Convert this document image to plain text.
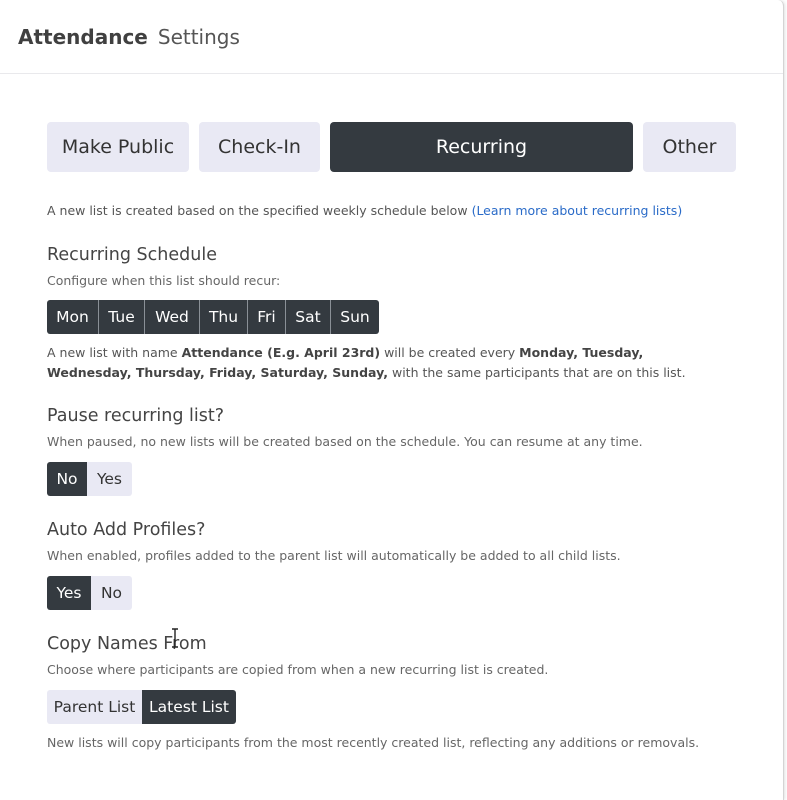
Attendance Settings
Make Public	Check-In	Recurring	Other
A new list is created based on the specified weekly schedule below (Learn more about recurring lists)
Recurring Schedule
Configure when this list should recur:
Mon	Tue	Wed	Thu	Fri	Sat	Sun
A new list with name Attendance (E.g. April 23rd) will be created every Monday, Tuesday, Wednesday, Thursday, Friday, Saturday, Sunday, with the same participants that are on this list.
Pause recurring list?
When paused, no new lists will be created based on the schedule. You can resume at any time.
No	Yes
Auto Add Profiles?
When enabled, profiles added to the parent list will automatically be added to all child lists.
Yes	No
Copy Names From
Choose where participants are copied from when a new recurring list is created.
Parent List Latest List
New lists will copy participants from the most recently created list, reflecting any additions or removals.
